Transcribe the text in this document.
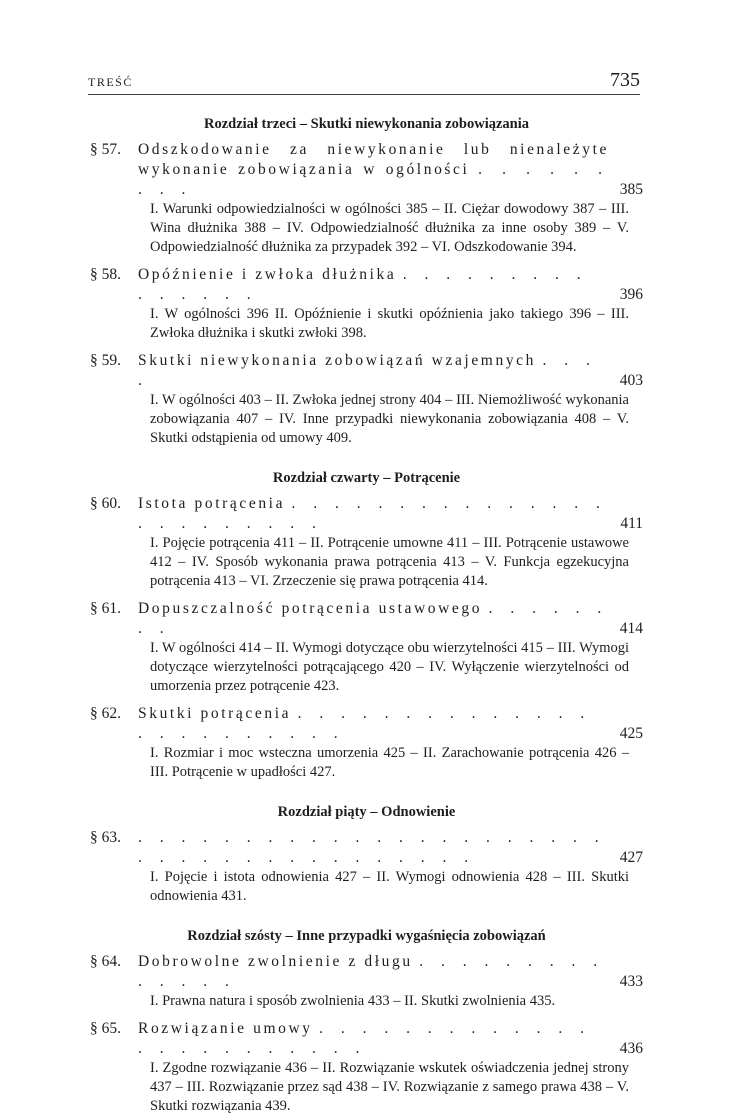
TREŚĆ	735
Rozdział trzeci – Skutki niewykonania zobowiązania
§ 57.	Odszkodowanie za niewykonanie lub nienależyte wykonanie zobowiązania w ogólności . . . . . . . . .	385
I. Warunki odpowiedzialności w ogólności 385 – II. Ciężar dowodowy 387 – III. Wina dłużnika 388 – IV. Odpowiedzialność dłużnika za inne osoby 389 – V. Odpowiedzialność dłużnika za przypadek 392 – VI. Odszkodowanie 394.
§ 58.	Opóźnienie i zwłoka dłużnika . . . . . . . . . . . . . . .	396
I. W ogólności 396 II. Opóźnienie i skutki opóźnienia jako takiego 396 – III. Zwłoka dłużnika i skutki zwłoki 398.
§ 59.	Skutki niewykonania zobowiązań wzajemnych . . . .	403
I. W ogólności 403 – II. Zwłoka jednej strony 404 – III. Niemożliwość wykonania zobowiązania 407 – IV. Inne przypadki niewykonania zobowiązania 408 – V. Skutki odstąpienia od umowy 409.
Rozdział czwarty – Potrącenie
§ 60.	Istota potrącenia . . . . . . . . . . . . . . . . . . . . . . . .	411
I. Pojęcie potrącenia 411 – II. Potrącenie umowne 411 – III. Potrącenie ustawowe 412 – IV. Sposób wykonania prawa potrącenia 413 – V. Funkcja egzekucyjna potrącenia 413 – VI. Zrzeczenie się prawa potrącenia 414.
§ 61.	Dopuszczalność potrącenia ustawowego . . . . . . . .	414
I. W ogólności 414 – II. Wymogi dotyczące obu wierzytelności 415 – III. Wymogi dotyczące wierzytelności potrącającego 420 – IV. Wyłączenie wierzytelności od umorzenia przez potrącenie 423.
§ 62.	Skutki potrącenia . . . . . . . . . . . . . . . . . . . . . . . .	425
I. Rozmiar i moc wsteczna umorzenia 425 – II. Zarachowanie potrącenia 426 – III. Potrącenie w upadłości 427.
Rozdział piąty – Odnowienie
§ 63.	. . . . . . . . . . . . . . . . . . . . . . . . . . . . . . . . . . . . . .	427
I. Pojęcie i istota odnowienia 427 – II. Wymogi odnowienia 428 – III. Skutki odnowienia 431.
Rozdział szósty – Inne przypadki wygaśnięcia zobowiązań
§ 64.	Dobrowolne zwolnienie z długu . . . . . . . . . . . . . .	433
I. Prawna natura i sposób zwolnienia 433 – II. Skutki zwolnienia 435.
§ 65.	Rozwiązanie umowy . . . . . . . . . . . . . . . . . . . . . . . .	436
I. Zgodne rozwiązanie 436 – II. Rozwiązanie wskutek oświadczenia jednej strony 437 – III. Rozwiązanie przez sąd 438 – IV. Rozwiązanie z samego prawa 438 – V. Skutki rozwiązania 439.
